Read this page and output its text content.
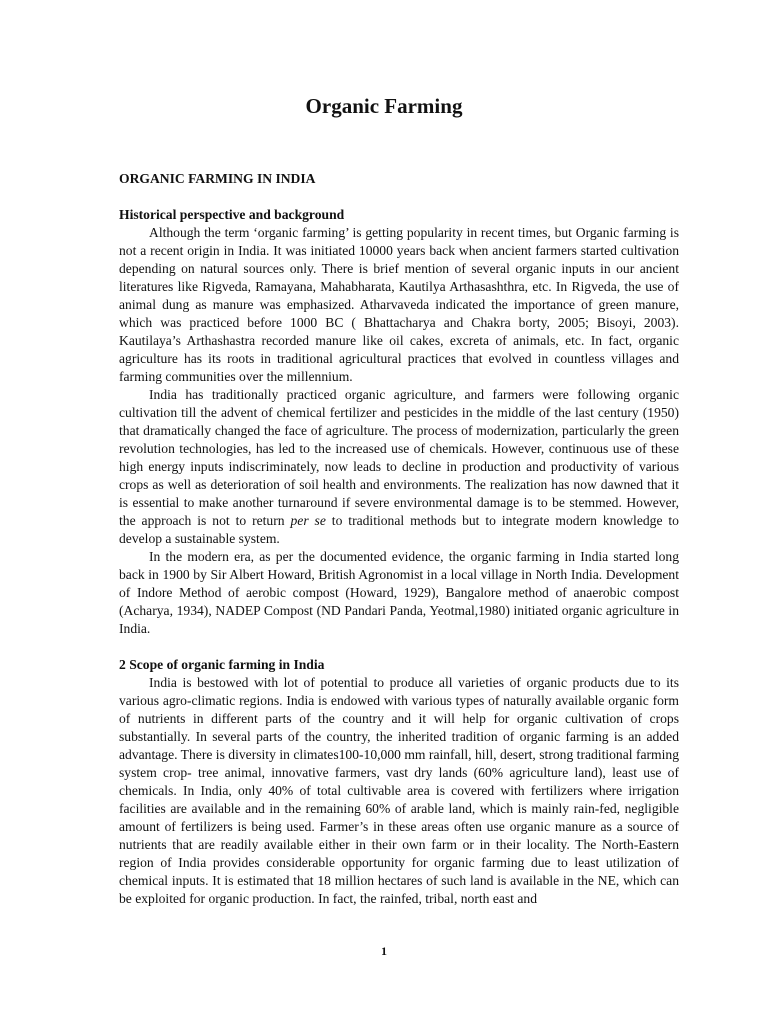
Organic Farming
ORGANIC FARMING IN INDIA
Historical perspective and background

Although the term ‘organic farming’ is getting popularity in recent times, but Organic farming is not a recent origin in India. It was initiated 10000 years back when ancient farmers started cultivation depending on natural sources only. There is brief mention of several organic inputs in our ancient literatures like Rigveda, Ramayana, Mahabharata, Kautilya Arthasashthra, etc. In Rigveda, the use of animal dung as manure was emphasized. Atharvaveda indicated the importance of green manure, which was practiced before 1000 BC ( Bhattacharya and Chakra borty, 2005; Bisoyi, 2003). Kautilaya’s Arthashastra recorded manure like oil cakes, excreta of animals, etc. In fact, organic agriculture has its roots in traditional agricultural practices that evolved in countless villages and farming communities over the millennium.

India has traditionally practiced organic agriculture, and farmers were following organic cultivation till the advent of chemical fertilizer and pesticides in the middle of the last century (1950) that dramatically changed the face of agriculture. The process of modernization, particularly the green revolution technologies, has led to the increased use of chemicals. However, continuous use of these high energy inputs indiscriminately, now leads to decline in production and productivity of various crops as well as deterioration of soil health and environments. The realization has now dawned that it is essential to make another turnaround if severe environmental damage is to be stemmed. However, the approach is not to return per se to traditional methods but to integrate modern knowledge to develop a sustainable system.

In the modern era, as per the documented evidence, the organic farming in India started long back in 1900 by Sir Albert Howard, British Agronomist in a local village in North India. Development of Indore Method of aerobic compost (Howard, 1929), Bangalore method of anaerobic compost (Acharya, 1934), NADEP Compost (ND Pandari Panda, Yeotmal,1980) initiated organic agriculture in India.

2 Scope of organic farming in India

India is bestowed with lot of potential to produce all varieties of organic products due to its various agro-climatic regions. India is endowed with various types of naturally available organic form of nutrients in different parts of the country and it will help for organic cultivation of crops substantially. In several parts of the country, the inherited tradition of organic farming is an added advantage. There is diversity in climates100-10,000 mm rainfall, hill, desert, strong traditional farming system crop- tree animal, innovative farmers, vast dry lands (60% agriculture land), least use of chemicals. In India, only 40% of total cultivable area is covered with fertilizers where irrigation facilities are available and in the remaining 60% of arable land, which is mainly rain-fed, negligible amount of fertilizers is being used. Farmer’s in these areas often use organic manure as a source of nutrients that are readily available either in their own farm or in their locality. The North-Eastern region of India provides considerable opportunity for organic farming due to least utilization of chemical inputs. It is estimated that 18 million hectares of such land is available in the NE, which can be exploited for organic production. In fact, the rainfed, tribal, north east and

1
